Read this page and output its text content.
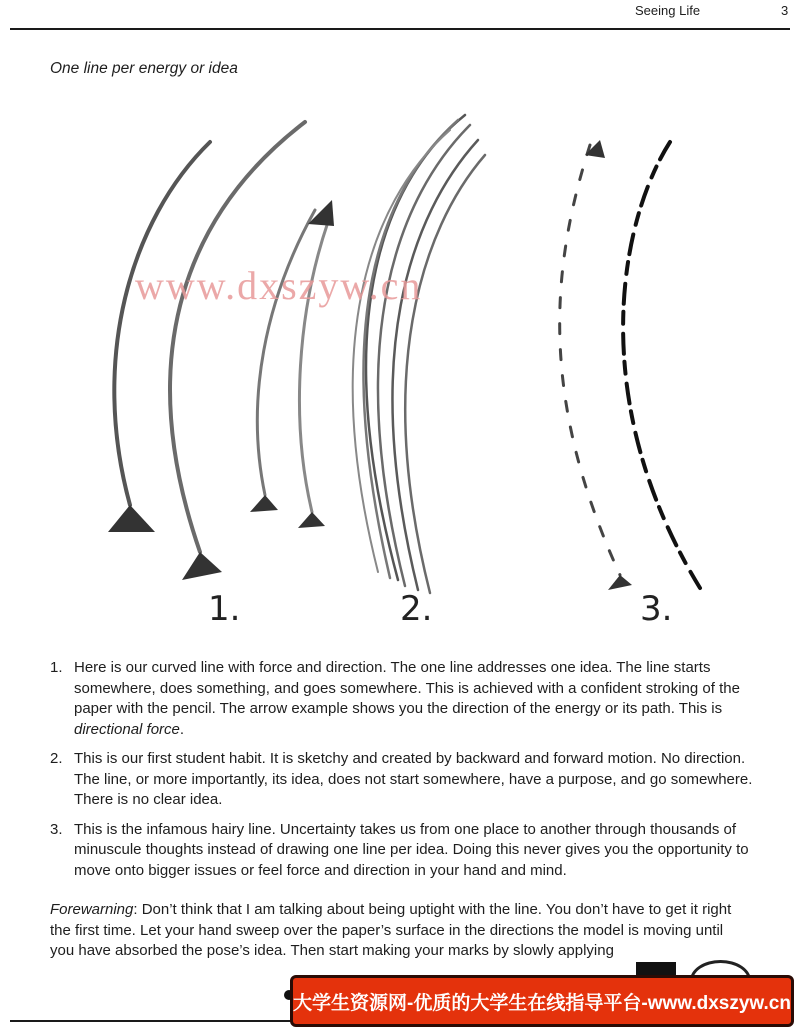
Seeing Life	3
One line per energy or idea
1.	2.	3.
www.dxszyw.cn
1. Here is our curved line with force and direction. The one line addresses one idea. The line starts somewhere, does something, and goes somewhere. This is achieved with a confident stroking of the paper with the pencil. The arrow example shows you the direction of the energy or its path. This is directional force.
2. This is our first student habit. It is sketchy and created by backward and forward motion. No direction. The line, or more importantly, its idea, does not start somewhere, have a purpose, and go somewhere. There is no clear idea.
3. This is the infamous hairy line. Uncertainty takes us from one place to another through thousands of minuscule thoughts instead of drawing one line per idea. Doing this never gives you the opportunity to move onto bigger issues or feel force and direction in your hand and mind.

Forewarning: Don’t think that I am talking about being uptight with the line. You don’t have to get it right the first time. Let your hand sweep over the paper’s surface in the directions the model is moving until you have absorbed the pose’s idea. Then start making your marks by slowly applying

大学生资源网-优质的大学生在线指导平台-www.dxszyw.cn
